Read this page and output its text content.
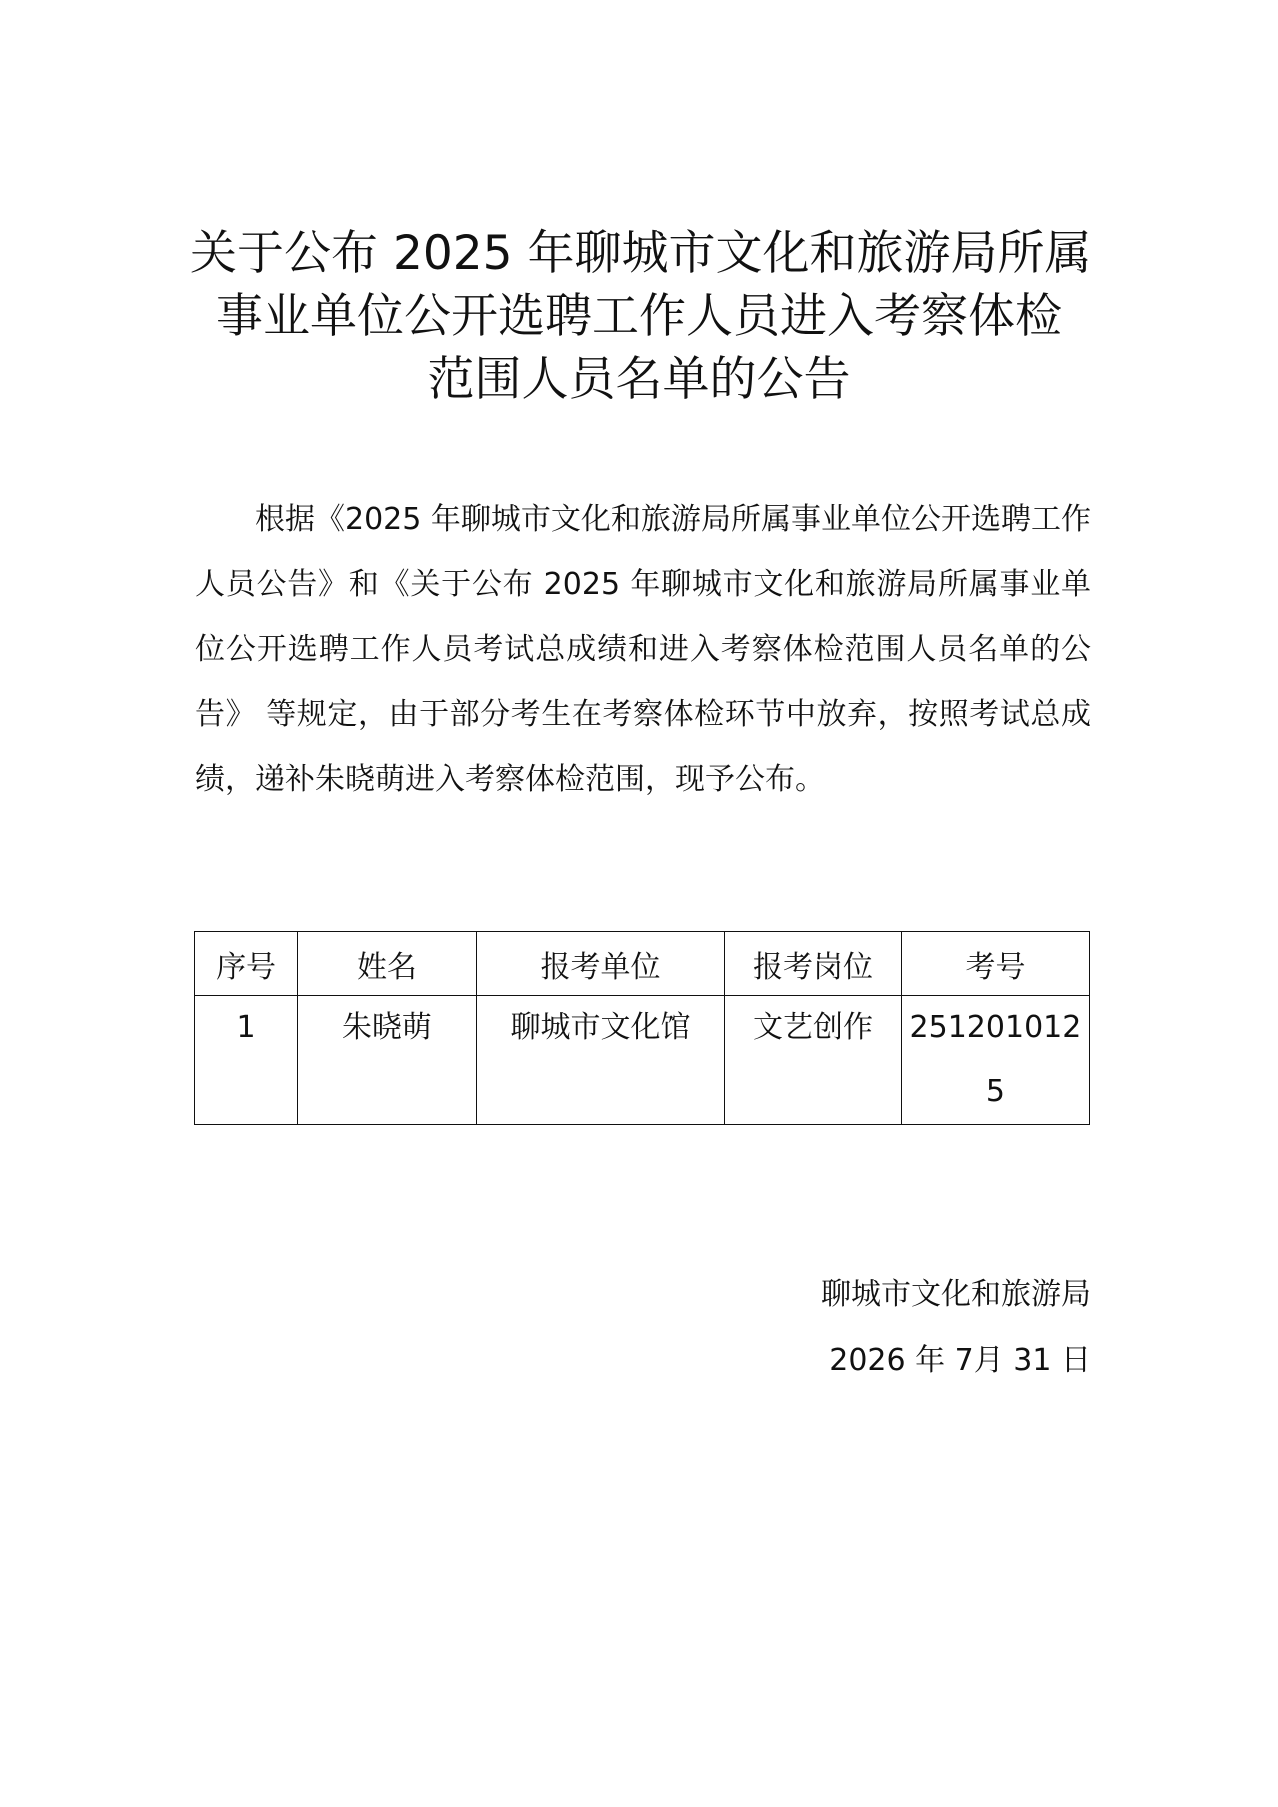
关于公布 2025 年聊城市文化和旅游局所属
事业单位公开选聘工作人员进入考察体检
范围人员名单的公告

根据《2025 年聊城市文化和旅游局所属事业单位公开选聘工作人员公告》和《关于公布 2025 年聊城市文化和旅游局所属事业单位公开选聘工作人员考试总成绩和进入考察体检范围人员名单的公告》 等规定，由于部分考生在考察体检环节中放弃，按照考试总成绩，递补朱晓萌进入考察体检范围，现予公布。

序号	姓名	报考单位	报考岗位	考号
1	朱晓萌	聊城市文化馆	文艺创作	2512010125
聊城市文化和旅游局
2026 年 7月 31 日
